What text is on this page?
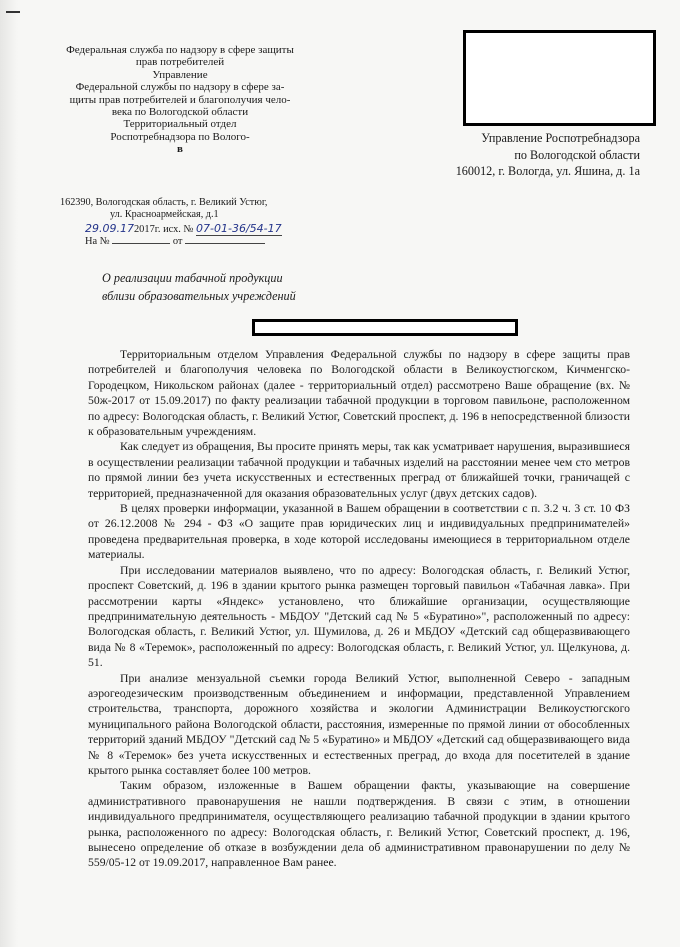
Федеральная служба по надзору в сфере защиты
прав потребителей
Управление
Федеральной службы по надзору в сфере за-
щиты прав потребителей и благополучия чело-
века по Вологодской области
Территориальный отдел
Роспотребнадзора по Волого-
в
162390, Вологодская область, г. Великий Устюг,
ул. Красноармейская, д.1
29.09.172017г. исх. № 07-01-36/54-17
На №	от
Управление Роспотребнадзора
по Вологодской области
160012, г. Вологда, ул. Яшина, д. 1а
О реализации табачной продукции
вблизи образовательных учреждений

Территориальным отделом Управления Федеральной службы по надзору в сфере защиты прав потребителей и благополучия человека по Вологодской области в Великоустюгском, Кичменгско-Городецком, Никольском районах (далее - территориальный отдел) рассмотрено Ваше обращение (вх. № 50ж-2017 от 15.09.2017) по факту реализации табачной продукции в торговом павильоне, расположенном по адресу: Вологодская область, г. Великий Устюг, Советский проспект, д. 196 в непосредственной близости к образовательным учреждениям.

Как следует из обращения, Вы просите принять меры, так как усматривает нарушения, выразившиеся в осуществлении реализации табачной продукции и табачных изделий на расстоянии менее чем сто метров по прямой линии без учета искусственных и естественных преград от ближайшей точки, граничащей с территорией, предназначенной для оказания образовательных услуг (двух детских садов).

В целях проверки информации, указанной в Вашем обращении в соответствии с п. 3.2 ч. 3 ст. 10 ФЗ от 26.12.2008 № 294 - ФЗ «О защите прав юридических лиц и индивидуальных предпринимателей» проведена предварительная проверка, в ходе которой исследованы имеющиеся в территориальном отделе материалы.

При исследовании материалов выявлено, что по адресу: Вологодская область, г. Великий Устюг, проспект Советский, д. 196 в здании крытого рынка размещен торговый павильон «Табачная лавка». При рассмотрении карты «Яндекс» установлено, что ближайшие организации, осуществляющие предпринимательную деятельность - МБДОУ "Детский сад № 5 «Буратино»", расположенный по адресу: Вологодская область, г. Великий Устюг, ул. Шумилова, д. 26 и МБДОУ «Детский сад общеразвивающего вида № 8 «Теремок», расположенный по адресу: Вологодская область, г. Великий Устюг, ул. Щелкунова, д. 51.

При анализе мензуальной съемки города Великий Устюг, выполненной Северо - западным аэрогеодезическим производственным объединением и информации, представленной Управлением строительства, транспорта, дорожного хозяйства и экологии Администрации Великоустюгского муниципального района Вологодской области, расстояния, измеренные по прямой линии от обособленных территорий зданий МБДОУ "Детский сад № 5 «Буратино» и МБДОУ «Детский сад общеразвивающего вида № 8 «Теремок» без учета искусственных и естественных преград, до входа для посетителей в здание крытого рынка составляет более 100 метров.

Таким образом, изложенные в Вашем обращении факты, указывающие на совершение административного правонарушения не нашли подтверждения. В связи с этим, в отношении индивидуального предпринимателя, осуществляющего реализацию табачной продукции в здании крытого рынка, расположенного по адресу: Вологодская область, г. Великий Устюг, Советский проспект, д. 196, вынесено определение об отказе в возбуждении дела об административном правонарушении по делу № 559/05-12 от 19.09.2017, направленное Вам ранее.
